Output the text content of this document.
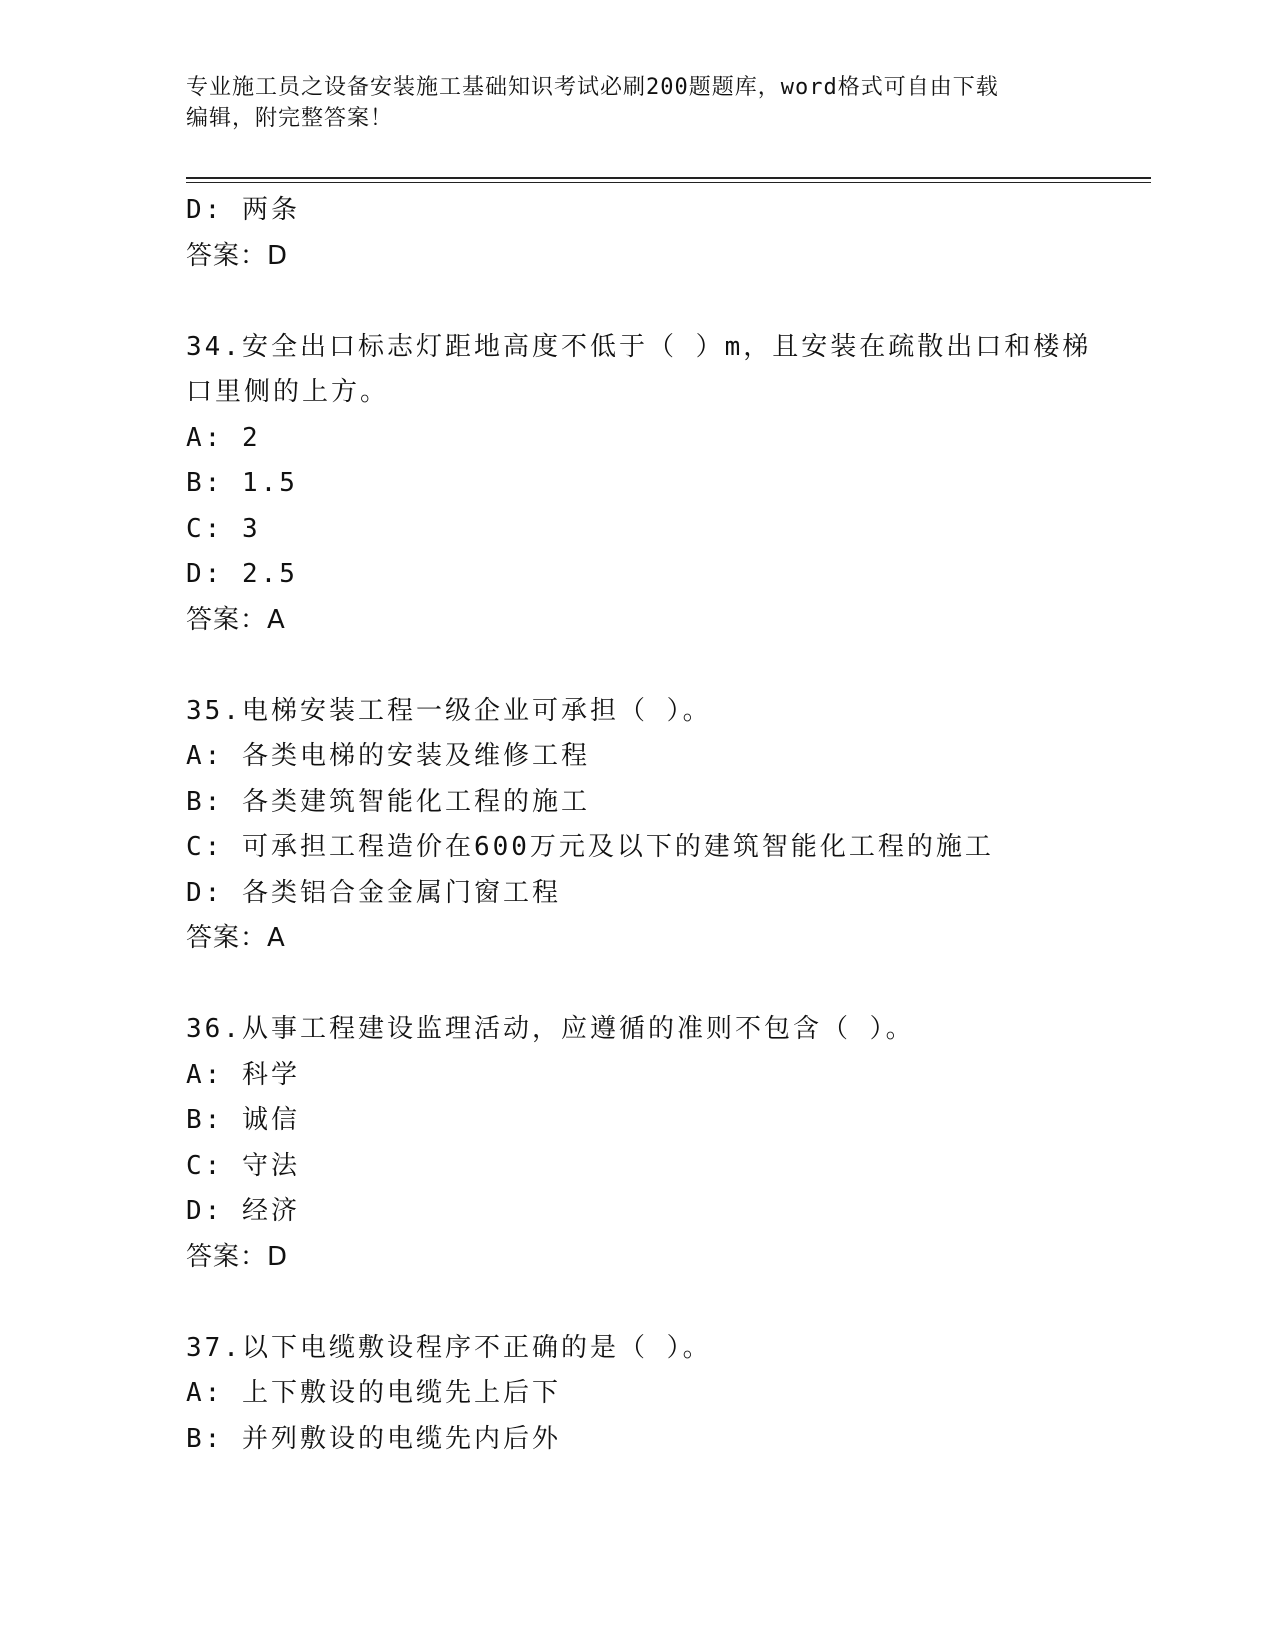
专业施工员之设备安装施工基础知识考试必刷200题题库，word格式可自由下载
编辑，附完整答案！
D: 两条
答案：D
34.安全出口标志灯距地高度不低于（ ）m，且安装在疏散出口和楼梯
口里侧的上方。
A: 2
B: 1.5
C: 3
D: 2.5
答案：A
35.电梯安装工程一级企业可承担（ ）。
A: 各类电梯的安装及维修工程
B: 各类建筑智能化工程的施工
C: 可承担工程造价在600万元及以下的建筑智能化工程的施工
D: 各类铝合金金属门窗工程
答案：A
36.从事工程建设监理活动，应遵循的准则不包含（ ）。
A: 科学
B: 诚信
C: 守法
D: 经济
答案：D
37.以下电缆敷设程序不正确的是（ ）。
A: 上下敷设的电缆先上后下
B: 并列敷设的电缆先内后外
